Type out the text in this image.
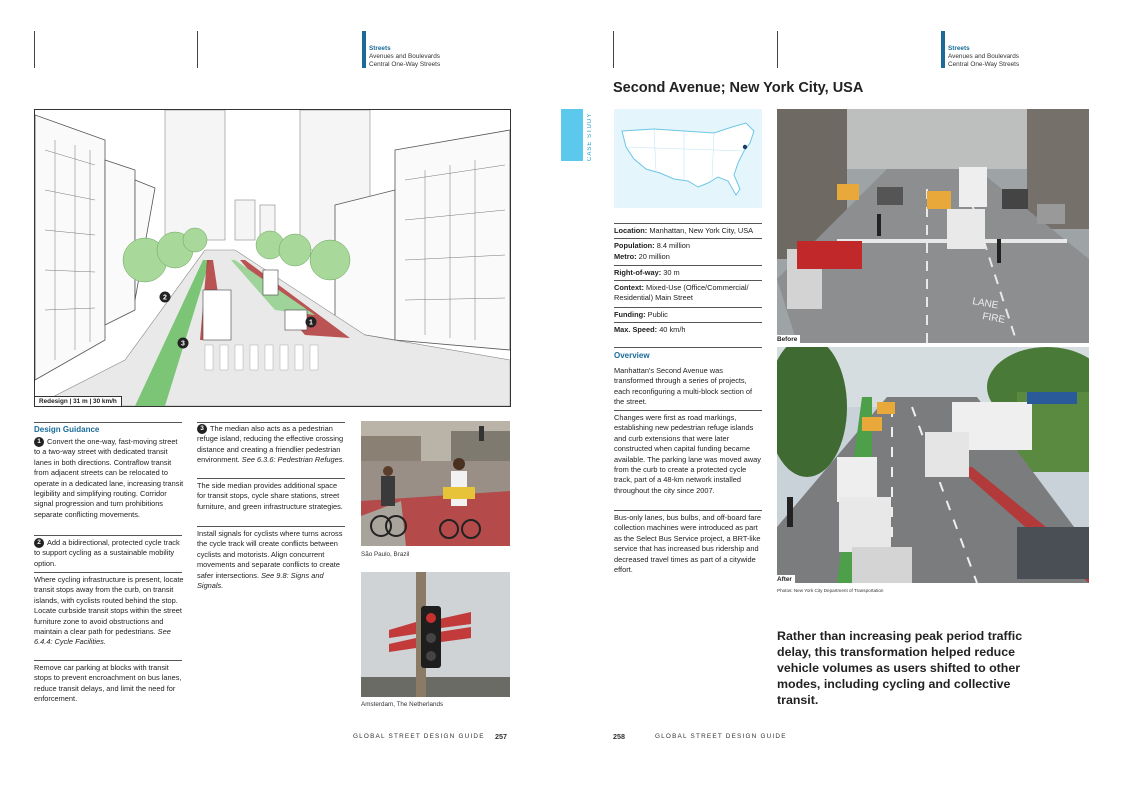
Streets
Avenues and Boulevards
Central One-Way Streets
Streets
Avenues and Boulevards
Central One-Way Streets
1
2
3
Redesign | 31 m | 30 km/h
Design Guidance
1 Convert the one-way, fast-moving street to a two-way street with dedicated transit lanes in both directions. Contraflow transit from adjacent streets can be relocated to operate in a dedicated lane, increasing transit legibility and simplifying routing. Corridor signal progression and turn prohibitions separate conflicting movements.
2 Add a bidirectional, protected cycle track to support cycling as a sustainable mobility option.
Where cycling infrastructure is present, locate transit stops away from the curb, on transit islands, with cyclists routed behind the stop. Locate curbside transit stops within the street furniture zone to avoid obstructions and maintain a clear path for pedestrians. See 6.4.4: Cycle Facilities.
Remove car parking at blocks with transit stops to prevent encroachment on bus lanes, reduce transit delays, and limit the need for enforcement.
3 The median also acts as a pedestrian refuge island, reducing the effective crossing distance and creating a friendlier pedestrian environment. See 6.3.6: Pedestrian Refuges.
The side median provides additional space for transit stops, cycle share stations, street furniture, and green infrastructure strategies.
Install signals for cyclists where turns across the cycle track will create conflicts between cyclists and motorists. Align concurrent movements and separate conflicts to create safer intersections. See 9.8: Signs and Signals.
São Paulo, Brazil
Amsterdam, The Netherlands
GLOBAL STREET DESIGN GUIDE 257
CASE STUDY
Second Avenue; New York City, USA
Location: Manhattan, New York City, USA
Population: 8.4 million
Metro: 20 million
Right-of-way: 30 m
Context: Mixed-Use (Office/Commercial/ Residential) Main Street
Funding: Public
Max. Speed: 40 km/h
Overview
Manhattan's Second Avenue was transformed through a series of projects, each reconfiguring a multi-block section of the street.
Changes were first as road markings, establishing new pedestrian refuge islands and curb extensions that were later constructed when capital funding became available. The parking lane was moved away from the curb to create a protected cycle track, part of a 48-km network installed throughout the city since 2007.
Bus-only lanes, bus bulbs, and off-board fare collection machines were introduced as part as the Select Bus Service project, a BRT-like service that has increased bus ridership and decreased travel times as part of a citywide effort.
LANE
FIRE
Before
After
Photos: New York City Department of Transportation
Rather than increasing peak period traffic delay, this transformation helped reduce vehicle volumes as users shifted to other modes, including cycling and collective transit.
258	GLOBAL STREET DESIGN GUIDE
